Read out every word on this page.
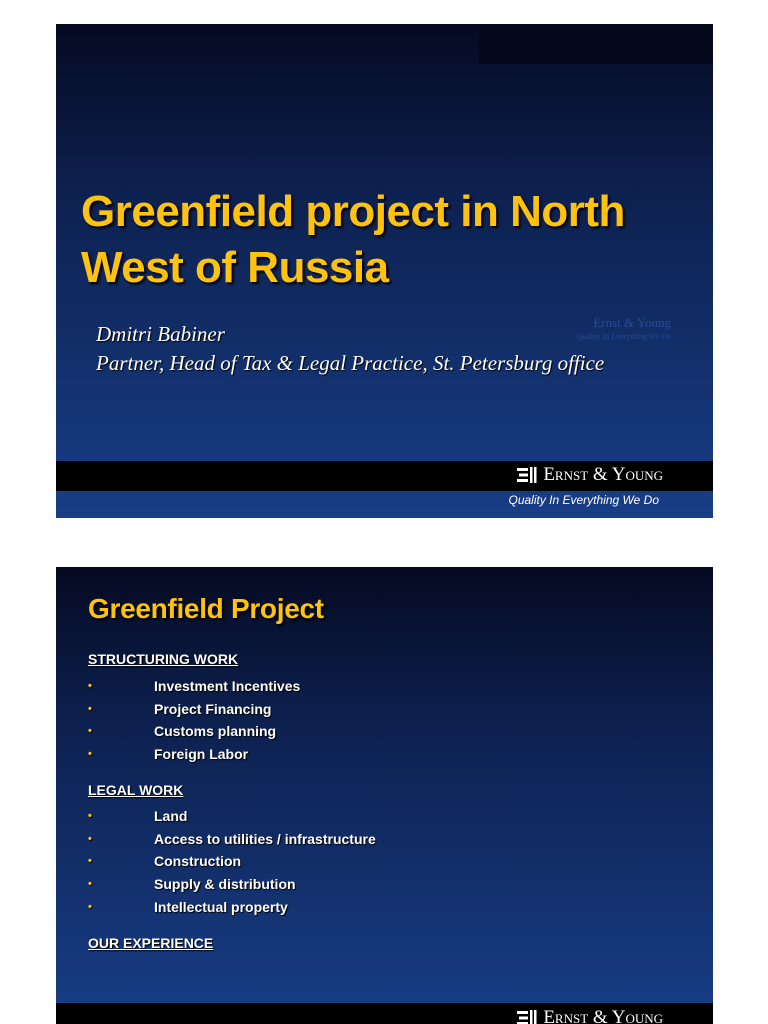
Greenfield project in North
West of Russia
Dmitri Babiner
Partner, Head of Tax & Legal Practice, St. Petersburg office
Ernst & Young
Quality In Everything We Do
Ernst & Young
Quality In Everything We Do
Greenfield Project
STRUCTURING WORK
•	Investment Incentives
•	Project Financing
•	Customs planning
•	Foreign Labor
LEGAL WORK
•	Land
•	Access to utilities / infrastructure
•	Construction
•	Supply & distribution
•	Intellectual property
OUR EXPERIENCE
Ernst & Young
